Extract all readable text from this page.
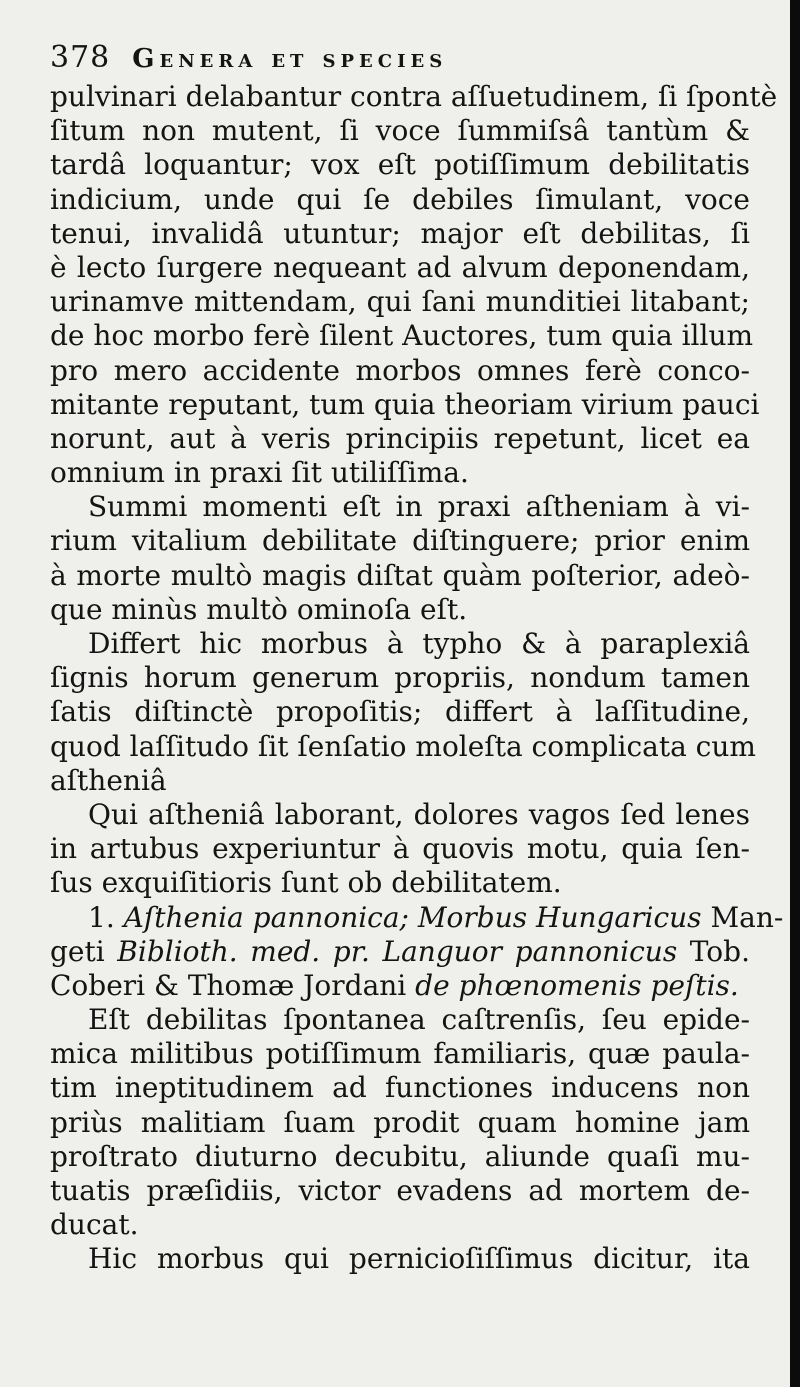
378 Genera et species
pulvinari delabantur contra aſſuetudinem, ſi ſpontè
ſitum non mutent, ſi voce ſummiſsâ tantùm &
tardâ loquantur; vox eſt potiſſimum debilitatis
indicium, unde qui ſe debiles ſimulant, voce
tenui, invalidâ utuntur; major eſt debilitas, ſi
è lecto ſurgere nequeant ad alvum deponendam,
urinamve mittendam, qui ſani munditiei litabant;
de hoc morbo ferè ſilent Auctores, tum quia illum
pro mero accidente morbos omnes ferè conco-
mitante reputant, tum quia theoriam virium pauci
norunt, aut à veris principiis repetunt, licet ea
omnium in praxi ſit utiliſſima.
Summi momenti eſt in praxi aſtheniam à vi-
rium vitalium debilitate diſtinguere; prior enim
à morte multò magis diſtat quàm poſterior, adeò-
que minùs multò ominoſa eſt.
Differt hic morbus à typho & à paraplexiâ
ſignis horum generum propriis, nondum tamen
ſatis diſtinctè propoſitis; differt à laſſitudine,
quod laſſitudo ſit ſenſatio moleſta complicata cum
aſtheniâ
Qui aſtheniâ laborant, dolores vagos ſed lenes
in artubus experiuntur à quovis motu, quia ſen-
ſus exquiſitioris ſunt ob debilitatem.
1. Aſthenia pannonica; Morbus Hungaricus Man-
geti Biblioth. med. pr. Languor pannonicus Tob.
Coberi & Thomæ Jordani de phœnomenis peſtis.
Eſt debilitas ſpontanea caſtrenſis, ſeu epide-
mica militibus potiſſimum familiaris, quæ paula-
tim ineptitudinem ad functiones inducens non
priùs malitiam ſuam prodit quam homine jam
proſtrato diuturno decubitu, aliunde quaſi mu-
tuatis præſidiis, victor evadens ad mortem de-
ducat.
Hic morbus qui pernicioſiſſimus dicitur, ita
